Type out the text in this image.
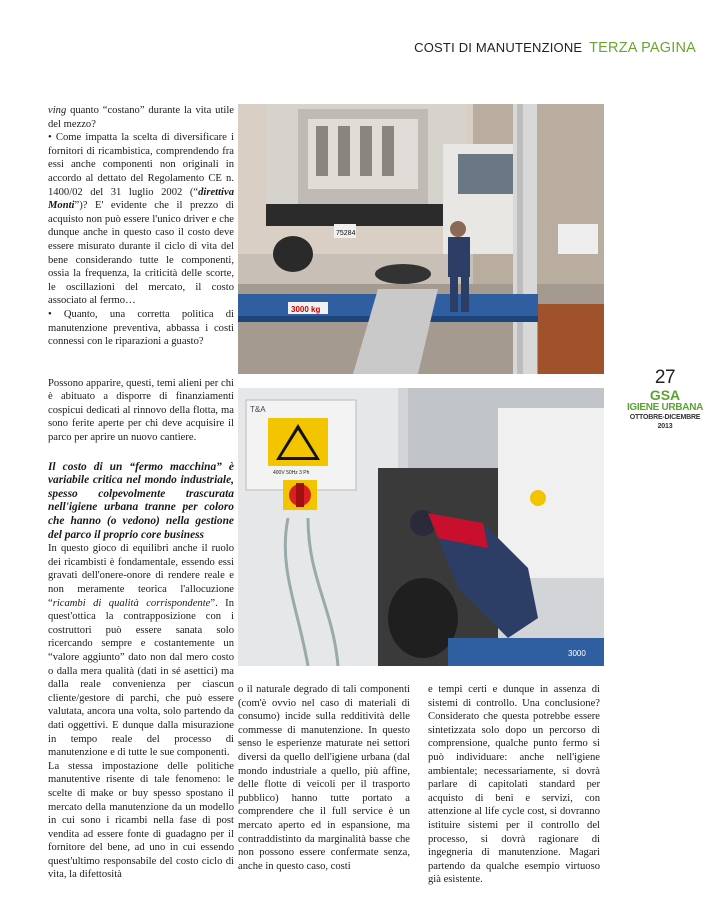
COSTI DI MANUTENZIONE TERZA PAGINA

ving quanto “costano” durante la vita utile del mezzo?

• Come impatta la scelta di diversificare i fornitori di ricambistica, comprendendo fra essi anche componenti non originali in accordo al dettato del Regolamento CE n. 1400/02 del 31 luglio 2002 (“direttiva Monti”)? E' evidente che il prezzo di acquisto non può essere l'unico driver e che dunque anche in questo caso il costo deve essere misurato durante il ciclo di vita del bene considerando tutte le componenti, ossia la frequenza, la criticità delle scorte, le oscillazioni del mercato, il costo associato al fermo…

• Quanto, una corretta politica di manutenzione preventiva, abbassa i costi connessi con le riparazioni a guasto?

Possono apparire, questi, temi alieni per chi è abituato a disporre di finanziamenti cospicui dedicati al rinnovo della flotta, ma sono ferite aperte per chi deve acquisire il parco per aprire un nuovo cantiere.

Il costo di un “fermo macchina” è variabile critica nel mondo industriale, spesso colpevolmente trascurata nell'igiene urbana tranne per coloro che hanno (o vedono) nella gestione del parco il proprio core business

In questo gioco di equilibri anche il ruolo dei ricambisti è fondamentale, essendo essi gravati dell'onere-onore di rendere reale e non meramente teorica l'allocuzione “ricambi di qualità corrispondente”. In quest'ottica la contrapposizione con i costruttori può essere sanata solo ricercando sempre e costantemente un “valore aggiunto” dato non dal mero costo o dalla mera qualità (dati in sé asettici) ma dalla reale convenienza per ciascun cliente/gestore di parchi, che può essere valutata, ancora una volta, solo partendo da dati oggettivi. E dunque dalla misurazione in tempo reale del processo di manutenzione e di tutte le sue componenti.

La stessa impostazione delle politiche manutentive risente di tale fenomeno: le scelte di make or buy spesso spostano il mercato della manutenzione da un modello in cui sono i ricambi nella fase di post vendita ad essere fonte di guadagno per il fornitore del bene, ad uno in cui essendo quest'ultimo responsabile del costo ciclo di vita, la difettosità

75284
3000 kg
T&A
400V 50Hz 3 Ph
3000
27
GSA
IGIENE URBANA
OTTOBRE-DICEMBRE 2013

o il naturale degrado di tali componenti (com'è ovvio nel caso di materiali di consumo) incide sulla redditività delle commesse di manutenzione. In questo senso le esperienze maturate nei settori diversi da quello dell'igiene urbana (dal mondo industriale a quello, più affine, delle flotte di veicoli per il trasporto pubblico) hanno tutte portato a comprendere che il full service è un mercato aperto ed in espansione, ma contraddistinto da marginalità basse che non possono essere confermate senza, anche in questo caso, costi

e tempi certi e dunque in assenza di sistemi di controllo. Una conclusione? Considerato che questa potrebbe essere sintetizzata solo dopo un percorso di comprensione, qualche punto fermo si può individuare: anche nell'igiene ambientale; necessariamente, si dovrà parlare di capitolati standard per acquisto di beni e servizi, con attenzione al life cycle cost, si dovranno istituire sistemi per il controllo del processo, si dovrà ragionare di ingegneria di manutenzione. Magari partendo da qualche esempio virtuoso già esistente.
